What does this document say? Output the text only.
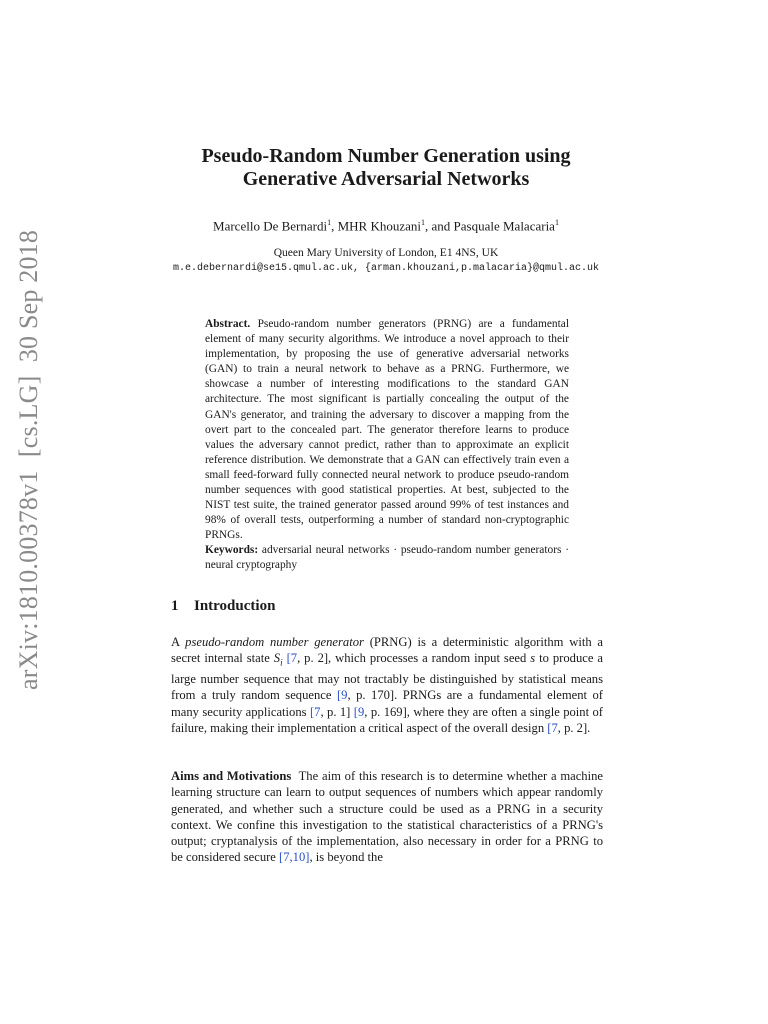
arXiv:1810.00378v1  [cs.LG]  30 Sep 2018
Pseudo-Random Number Generation using
Generative Adversarial Networks
Marcello De Bernardi$^1$, MHR Khouzani$^1$, and Pasquale Malacaria$^1$
Queen Mary University of London, E1 4NS, UK
m.e.debernardi@se15.qmul.ac.uk, {arman.khouzani,p.malacaria}@qmul.ac.uk
Abstract. Pseudo-random number generators (PRNG) are a fundamental element of many security algorithms. We introduce a novel approach to their implementation, by proposing the use of generative adversarial networks (GAN) to train a neural network to behave as a PRNG. Furthermore, we showcase a number of interesting modifications to the standard GAN architecture. The most significant is partially concealing the output of the GAN's generator, and training the adversary to discover a mapping from the overt part to the concealed part. The generator therefore learns to produce values the adversary cannot predict, rather than to approximate an explicit reference distribution. We demonstrate that a GAN can effectively train even a small feed-forward fully connected neural network to produce pseudo-random number sequences with good statistical properties. At best, subjected to the NIST test suite, the trained generator passed around 99% of test instances and 98% of overall tests, outperforming a number of standard non-cryptographic PRNGs.
Keywords: adversarial neural networks · pseudo-random number generators · neural cryptography
1 Introduction
A pseudo-random number generator (PRNG) is a deterministic algorithm with a secret internal state $S_i$ [7, p. 2], which processes a random input seed s to produce a large number sequence that may not tractably be distinguished by statistical means from a truly random sequence [9, p. 170]. PRNGs are a fundamental element of many security applications [7, p. 1] [9, p. 169], where they are often a single point of failure, making their implementation a critical aspect of the overall design [7, p. 2].
Aims and Motivations  The aim of this research is to determine whether a machine learning structure can learn to output sequences of numbers which appear randomly generated, and whether such a structure could be used as a PRNG in a security context. We confine this investigation to the statistical characteristics of a PRNG's output; cryptanalysis of the implementation, also necessary in order for a PRNG to be considered secure [7,10], is beyond the
